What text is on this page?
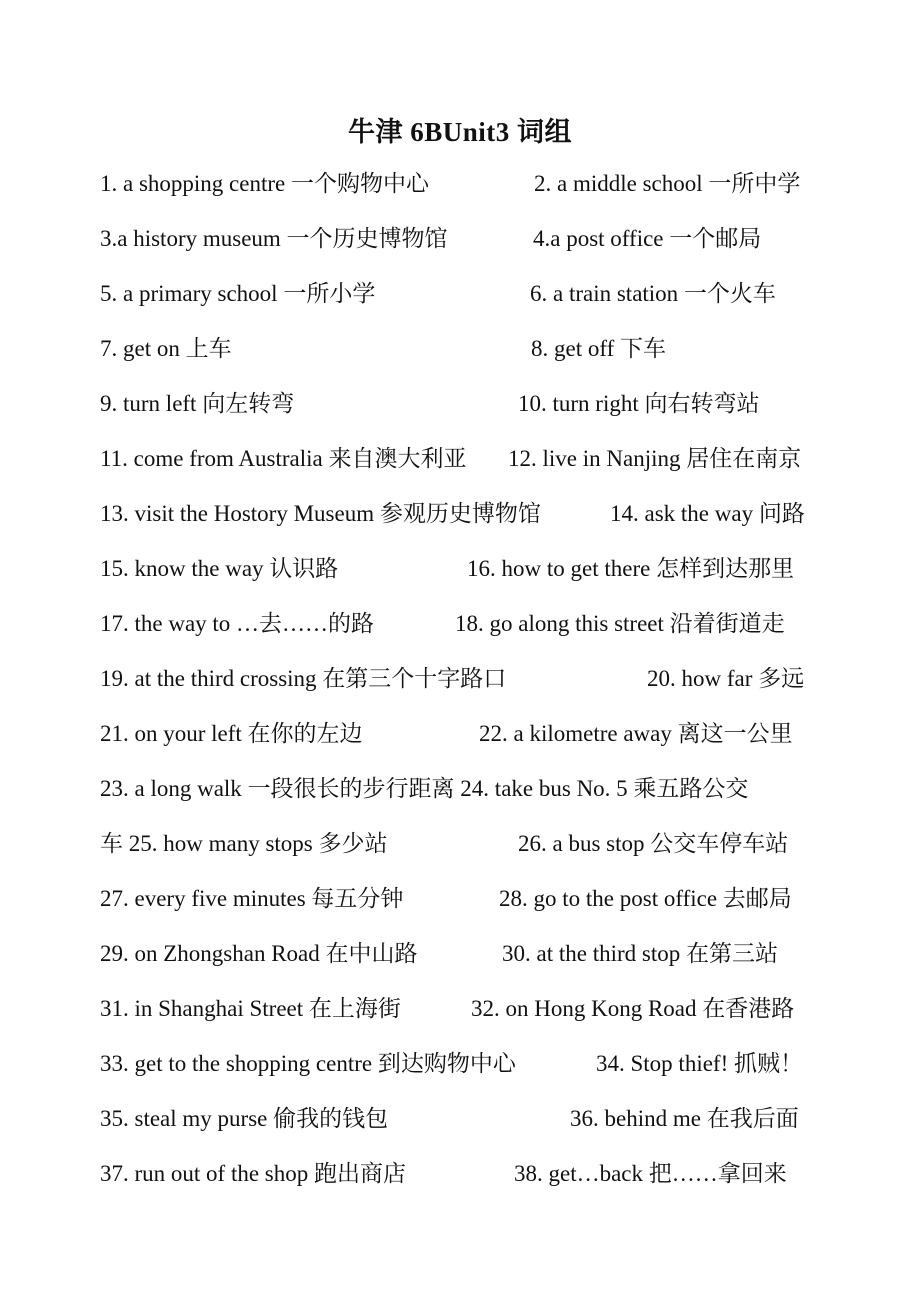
牛津 6BUnit3 词组
1. a shopping centre 一个购物中心	2. a middle school 一所中学
3.a history museum 一个历史博物馆	4.a post office 一个邮局
5. a primary school 一所小学	6. a train station 一个火车
7. get on 上车	8. get off 下车
9. turn left 向左转弯	10. turn right 向右转弯站
11. come from Australia 来自澳大利亚 12. live in Nanjing 居住在南京
13. visit the Hostory Museum 参观历史博物馆	14. ask the way 问路
15. know the way 认识路	16. how to get there 怎样到达那里
17. the way to …去……的路	18. go along this street 沿着街道走
19. at the third crossing 在第三个十字路口	20. how far 多远
21. on your left 在你的左边	22. a kilometre away 离这一公里
23. a long walk 一段很长的步行距离 24. take bus No. 5 乘五路公交
车 25. how many stops 多少站	26. a bus stop 公交车停车站
27. every five minutes 每五分钟	28. go to the post office 去邮局
29. on Zhongshan Road 在中山路	30. at the third stop 在第三站
31. in Shanghai Street 在上海街	32. on Hong Kong Road 在香港路
33. get to the shopping centre 到达购物中心	34. Stop thief! 抓贼！
35. steal my purse 偷我的钱包	36. behind me 在我后面
37. run out of the shop 跑出商店	38. get…back 把……拿回来
